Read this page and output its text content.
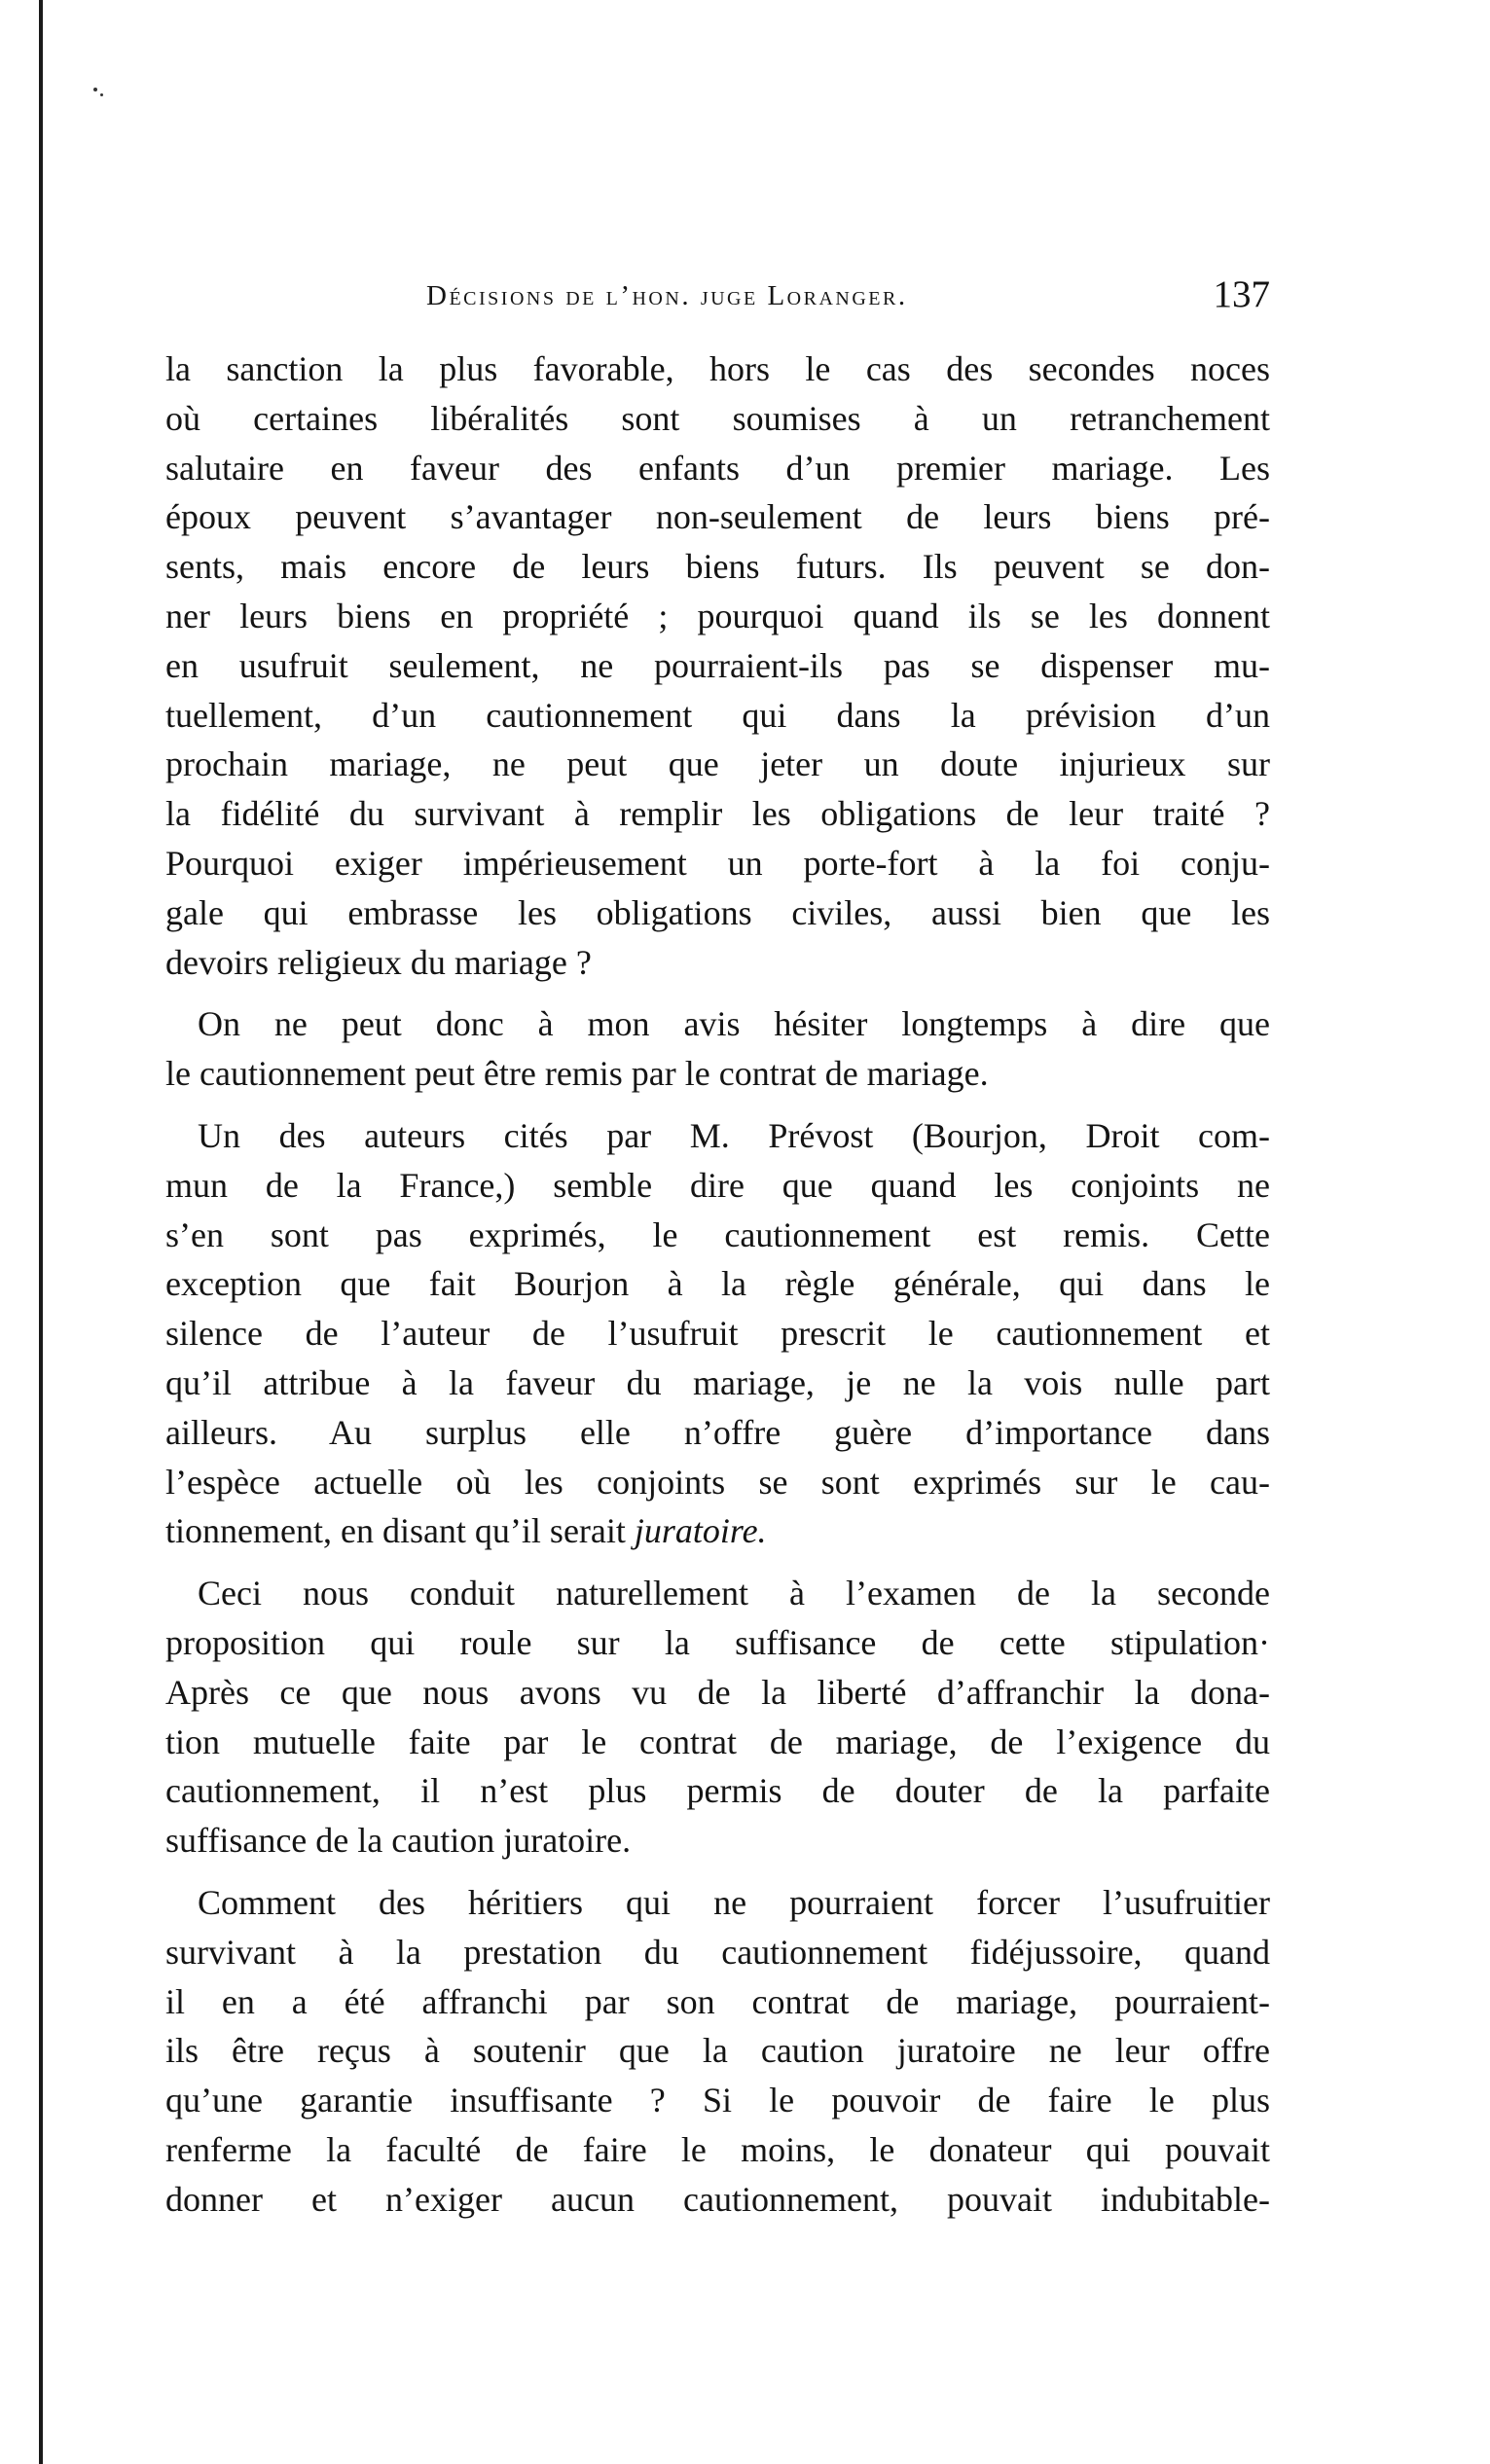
Décisions de l’hon. juge Loranger.	137
la sanction la plus favorable, hors le cas des secondes noces
où certaines libéralités sont soumises à un retranchement
salutaire en faveur des enfants d’un premier mariage. Les
époux peuvent s’avantager non-seulement de leurs biens pré-
sents, mais encore de leurs biens futurs. Ils peuvent se don-
ner leurs biens en propriété ; pourquoi quand ils se les donnent
en usufruit seulement, ne pourraient-ils pas se dispenser mu-
tuellement, d’un cautionnement qui dans la prévision d’un
prochain mariage, ne peut que jeter un doute injurieux sur
la fidélité du survivant à remplir les obligations de leur traité ?
Pourquoi exiger impérieusement un porte-fort à la foi conju-
gale qui embrasse les obligations civiles, aussi bien que les
devoirs religieux du mariage ?
On ne peut donc à mon avis hésiter longtemps à dire que
le cautionnement peut être remis par le contrat de mariage.
Un des auteurs cités par M. Prévost (Bourjon, Droit com-
mun de la France,) semble dire que quand les conjoints ne
s’en sont pas exprimés, le cautionnement est remis. Cette
exception que fait Bourjon à la règle générale, qui dans le
silence de l’auteur de l’usufruit prescrit le cautionnement et
qu’il attribue à la faveur du mariage, je ne la vois nulle part
ailleurs. Au surplus elle n’offre guère d’importance dans
l’espèce actuelle où les conjoints se sont exprimés sur le cau-
tionnement, en disant qu’il serait juratoire.
Ceci nous conduit naturellement à l’examen de la seconde
proposition qui roule sur la suffisance de cette stipulation·
Après ce que nous avons vu de la liberté d’affranchir la dona-
tion mutuelle faite par le contrat de mariage, de l’exigence du
cautionnement, il n’est plus permis de douter de la parfaite
suffisance de la caution juratoire.
Comment des héritiers qui ne pourraient forcer l’usufruitier
survivant à la prestation du cautionnement fidéjussoire, quand
il en a été affranchi par son contrat de mariage, pourraient-
ils être reçus à soutenir que la caution juratoire ne leur offre
qu’une garantie insuffisante ? Si le pouvoir de faire le plus
renferme la faculté de faire le moins, le donateur qui pouvait
donner et n’exiger aucun cautionnement, pouvait indubitable-
